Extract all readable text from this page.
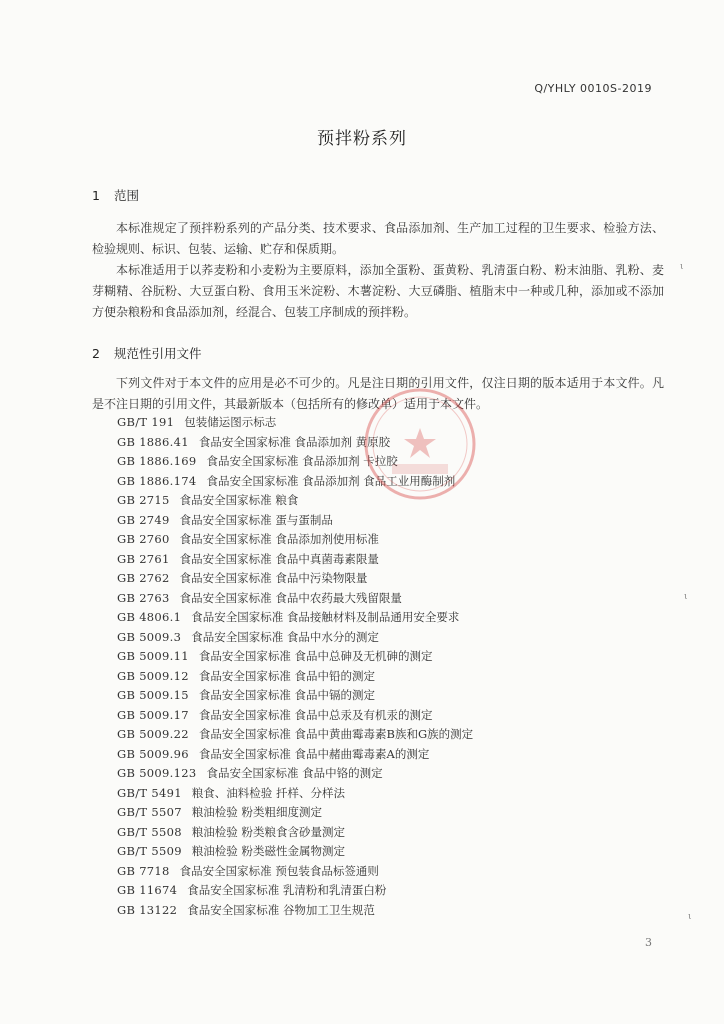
Q/YHLY 0010S-2019
预拌粉系列
1 范围

本标准规定了预拌粉系列的产品分类、技术要求、食品添加剂、生产加工过程的卫生要求、检验方法、检验规则、标识、包装、运输、贮存和保质期。

本标准适用于以荞麦粉和小麦粉为主要原料，添加全蛋粉、蛋黄粉、乳清蛋白粉、粉末油脂、乳粉、麦芽糊精、谷朊粉、大豆蛋白粉、食用玉米淀粉、木薯淀粉、大豆磷脂、植脂末中一种或几种，添加或不添加方便杂粮粉和食品添加剂，经混合、包装工序制成的预拌粉。

2 规范性引用文件

下列文件对于本文件的应用是必不可少的。凡是注日期的引用文件，仅注日期的版本适用于本文件。凡是不注日期的引用文件，其最新版本（包括所有的修改单）适用于本文件。

GB/T 191 包装储运图示标志
GB 1886.41 食品安全国家标准 食品添加剂 黄原胶
GB 1886.169 食品安全国家标准 食品添加剂 卡拉胶
GB 1886.174 食品安全国家标准 食品添加剂 食品工业用酶制剂
GB 2715 食品安全国家标准 粮食
GB 2749 食品安全国家标准 蛋与蛋制品
GB 2760 食品安全国家标准 食品添加剂使用标准
GB 2761 食品安全国家标准 食品中真菌毒素限量
GB 2762 食品安全国家标准 食品中污染物限量
GB 2763 食品安全国家标准 食品中农药最大残留限量
GB 4806.1 食品安全国家标准 食品接触材料及制品通用安全要求
GB 5009.3 食品安全国家标准 食品中水分的测定
GB 5009.11 食品安全国家标准 食品中总砷及无机砷的测定
GB 5009.12 食品安全国家标准 食品中铅的测定
GB 5009.15 食品安全国家标准 食品中镉的测定
GB 5009.17 食品安全国家标准 食品中总汞及有机汞的测定
GB 5009.22 食品安全国家标准 食品中黄曲霉毒素B族和G族的测定
GB 5009.96 食品安全国家标准 食品中赭曲霉毒素A的测定
GB 5009.123 食品安全国家标准 食品中铬的测定
GB/T 5491 粮食、油料检验 扦样、分样法
GB/T 5507 粮油检验 粉类粗细度测定
GB/T 5508 粮油检验 粉类粮食含砂量测定
GB/T 5509 粮油检验 粉类磁性金属物测定
GB 7718 食品安全国家标准 预包装食品标签通则
GB 11674 食品安全国家标准 乳清粉和乳清蛋白粉
GB 13122 食品安全国家标准 谷物加工卫生规范
ι
ι
ι
3
